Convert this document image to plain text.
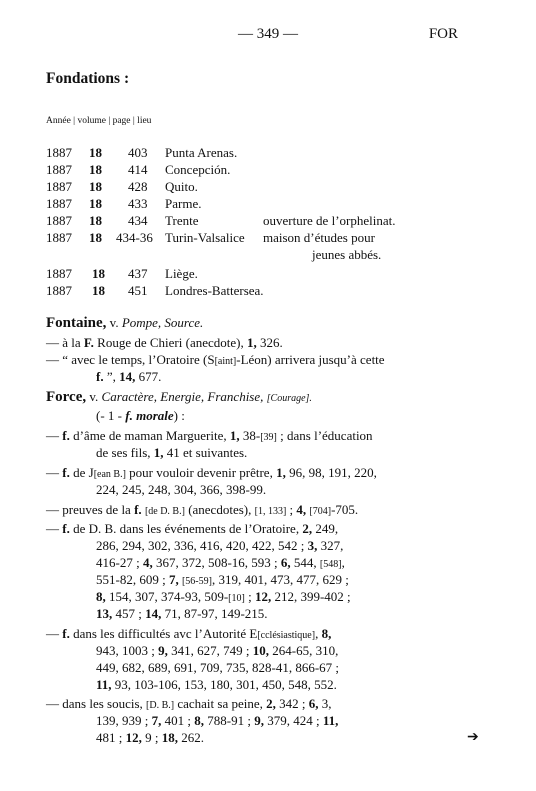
— 349 —	FOR
Fondations :
Année | volume | page | lieu
1887 18 403 Punta Arenas.
1887 18 414 Concepción.
1887 18 428 Quito.
1887 18 433 Parme.
1887 18 434 Trente	ouverture de l’orphelinat.
1887 18 434-36 Turin-Valsalice maison d’études pour
jeunes abbés.
1887 18 437 Liège.
1887 18 451 Londres-Battersea.
Fontaine, v. Pompe, Source.
— à la F. Rouge de Chieri (anecdote), 1, 326.
— “ avec le temps, l’Oratoire (S[aint]-Léon) arrivera jusqu’à cette
f. ”, 14, 677.
Force, v. Caractère, Energie, Franchise, [Courage].
(- 1 - f. morale) :
— f. d’âme de maman Marguerite, 1, 38-[39] ; dans l’éducation
de ses fils, 1, 41 et suivantes.
— f. de J[ean B.] pour vouloir devenir prêtre, 1, 96, 98, 191, 220,
224, 245, 248, 304, 366, 398-99.
— preuves de la f. [de D. B.] (anecdotes), [1, 133] ; 4, [704]-705.
— f. de D. B. dans les événements de l’Oratoire, 2, 249,
286, 294, 302, 336, 416, 420, 422, 542 ; 3, 327,
416-27 ; 4, 367, 372, 508-16, 593 ; 6, 544, [548],
551-82, 609 ; 7, [56-59], 319, 401, 473, 477, 629 ;
8, 154, 307, 374-93, 509-[10] ; 12, 212, 399-402 ;
13, 457 ; 14, 71, 87-97, 149-215.
— f. dans les difficultés avc l’Autorité E[cclésiastique], 8,
943, 1003 ; 9, 341, 627, 749 ; 10, 264-65, 310,
449, 682, 689, 691, 709, 735, 828-41, 866-67 ;
11, 93, 103-106, 153, 180, 301, 450, 548, 552.
— dans les soucis, [D. B.] cachait sa peine, 2, 342 ; 6, 3,
139, 939 ; 7, 401 ; 8, 788-91 ; 9, 379, 424 ; 11,
481 ; 12, 9 ; 18, 262.	➔
